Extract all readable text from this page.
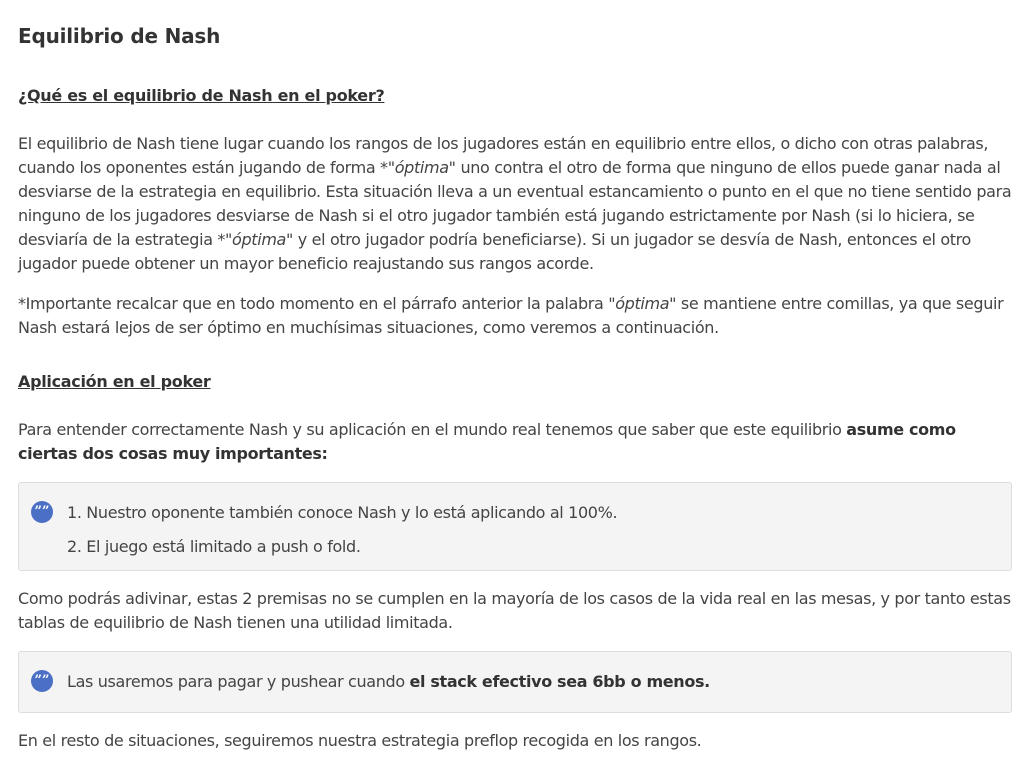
Equilibrio de Nash
¿Qué es el equilibrio de Nash en el poker?

El equilibrio de Nash tiene lugar cuando los rangos de los jugadores están en equilibrio entre ellos, o dicho con otras palabras, cuando los oponentes están jugando de forma *"óptima" uno contra el otro de forma que ninguno de ellos puede ganar nada al desviarse de la estrategia en equilibrio. Esta situación lleva a un eventual estancamiento o punto en el que no tiene sentido para ninguno de los jugadores desviarse de Nash si el otro jugador también está jugando estrictamente por Nash (si lo hiciera, se desviaría de la estrategia *"óptima" y el otro jugador podría beneficiarse). Si un jugador se desvía de Nash, entonces el otro jugador puede obtener un mayor beneficio reajustando sus rangos acorde.

*Importante recalcar que en todo momento en el párrafo anterior la palabra "óptima" se mantiene entre comillas, ya que seguir Nash estará lejos de ser óptimo en muchísimas situaciones, como veremos a continuación.

Aplicación en el poker

Para entender correctamente Nash y su aplicación en el mundo real tenemos que saber que este equilibrio asume como ciertas dos cosas muy importantes:

”” 1. Nuestro oponente también conoce Nash y lo está aplicando al 100%.
2. El juego está limitado a push o fold.

Como podrás adivinar, estas 2 premisas no se cumplen en la mayoría de los casos de la vida real en las mesas, y por tanto estas tablas de equilibrio de Nash tienen una utilidad limitada.

”” Las usaremos para pagar y pushear cuando el stack efectivo sea 6bb o menos.

En el resto de situaciones, seguiremos nuestra estrategia preflop recogida en los rangos.
